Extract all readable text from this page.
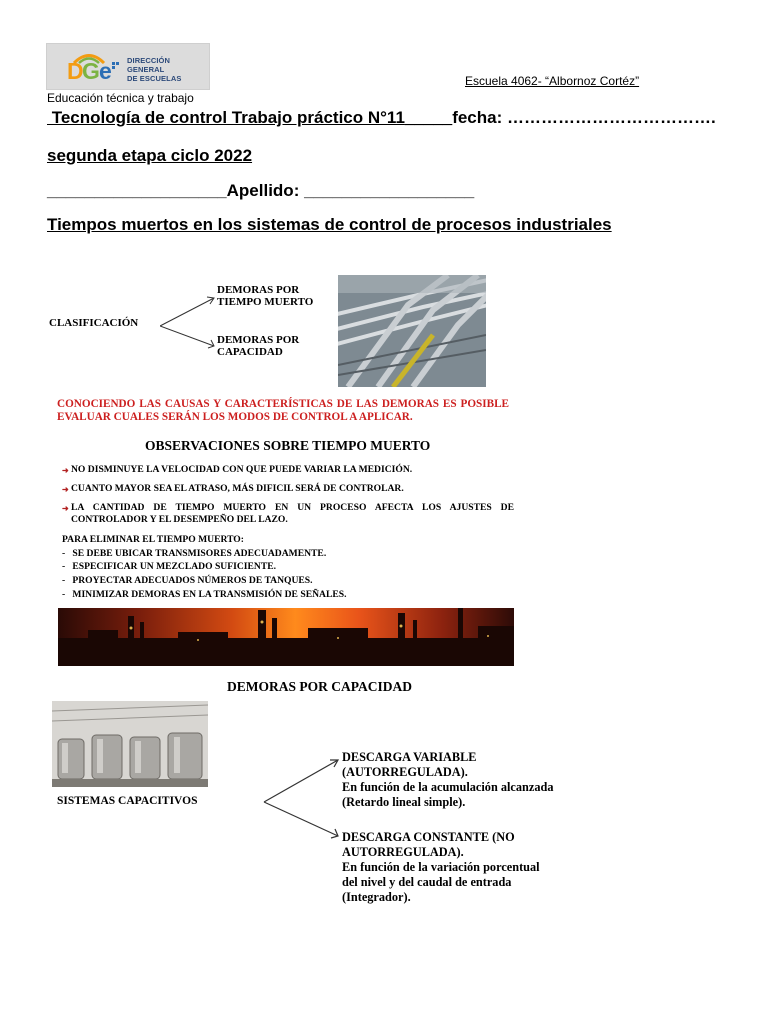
D
G e DIRECCIÓN GENERAL
DE ESCUELAS	Escuela 4062- “Albornoz Cortéz”
Educación técnica y trabajo
Tecnología de control Trabajo práctico N°11_____fecha: ……………………………….
segunda etapa ciclo 2022
___________________Apellido: __________________
Tiempos muertos en los sistemas de control de procesos industriales
CLASIFICACIÓN
DEMORAS POR
TIEMPO MUERTO
DEMORAS POR
CAPACIDAD
CONOCIENDO LAS CAUSAS Y CARACTERÍSTICAS DE LAS DEMORAS ES POSIBLE EVALUAR CUALES SERÁN LOS MODOS DE CONTROL A APLICAR.
OBSERVACIONES SOBRE TIEMPO MUERTO
➜ NO DISMINUYE LA VELOCIDAD CON QUE PUEDE VARIAR LA MEDICIÓN.
➜ CUANTO MAYOR SEA EL ATRASO, MÁS DIFICIL SERÁ DE CONTROLAR.
➜ LA CANTIDAD DE TIEMPO MUERTO EN UN PROCESO AFECTA LOS AJUSTES DE CONTROLADOR Y EL DESEMPEÑO DEL LAZO.
PARA ELIMINAR EL TIEMPO MUERTO:
-   SE DEBE UBICAR TRANSMISORES ADECUADAMENTE.
-   ESPECIFICAR UN MEZCLADO SUFICIENTE.
-   PROYECTAR ADECUADOS NÚMEROS DE TANQUES.
-   MINIMIZAR DEMORAS EN LA TRANSMISIÓN DE SEÑALES.
DEMORAS POR CAPACIDAD
SISTEMAS CAPACITIVOS
DESCARGA VARIABLE
(AUTORREGULADA).
En función de la acumulación alcanzada
(Retardo lineal simple).
DESCARGA CONSTANTE (NO
AUTORREGULADA).
En función de la variación porcentual
del nivel y del caudal de entrada
(Integrador).
